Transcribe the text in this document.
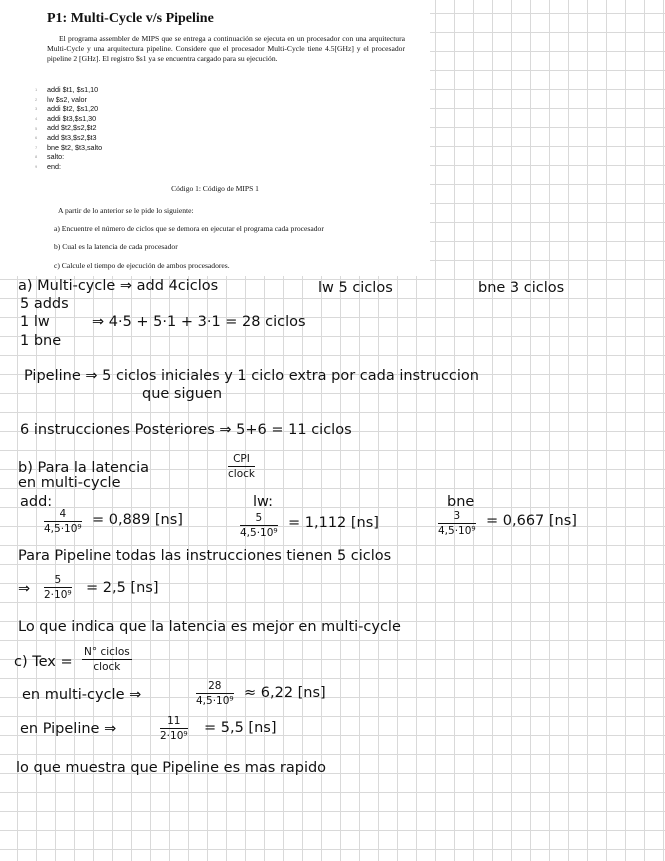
P1: Multi-Cycle v/s Pipeline
El programa assembler de MIPS que se entrega a continuación se ejecuta en un procesador con una arquitectura Multi-Cycle y una arquitectura pipeline. Considere que el procesador Multi-Cycle tiene 4.5[GHz] y el procesador pipeline 2 [GHz]. El registro $s1 ya se encuentra cargado para su ejecución.
1 addi $t1, $s1,10
2 lw $s2, valor
3 addi $t2, $s1,20
4 addi $t3,$s1,30
5 add $t2,$s2,$t2
6 add $t3,$s2,$t3
7 bne $t2, $t3,salto
8 salto:
9 end:
Código 1: Código de MIPS 1
A partir de lo anterior se le pide lo siguiente:
a) Encuentre el número de ciclos que se demora en ejecutar el programa cada procesador
b) Cual es la latencia de cada procesador
c) Calcule el tiempo de ejecución de ambos procesadores.
a) Multi-cycle ⇒ add 4ciclos	lw 5 ciclos	bne 3 ciclos
5 adds
1 lw	⇒ 4·5 + 5·1 + 3·1 = 28 ciclos
1 bne
Pipeline ⇒ 5 ciclos iniciales y 1 ciclo extra por cada instruccion
que siguen
6 instrucciones Posteriores ⇒ 5+6 = 11 ciclos
b) Para la latencia
CPI
clock
en multi-cycle
add:
$\frac{4}{\text{4,5·10⁹}} = 0,889$ [ns]
lw:
$\frac{5}{\text{4,5·10⁹}} = 1,112$ [ns]
bne
$\frac{3}{\text{4,5·10⁹}} = 0,667$ [ns]
Para Pipeline todas las instrucciones tienen 5 ciclos
⇒ $\frac{5}{\text{2·10⁹}} = 2,5$ [ns]
Lo que indica que la latencia es mejor en multi-cycle
c) Tex =
N° ciclos
clock
en multi-cycle ⇒	$\frac{28}{\text{4,5·10⁹}} \approx 6,22$ [ns]
en Pipeline ⇒	$\frac{11}{\text{2·10⁹}} = 5,5$ [ns]
lo que muestra que Pipeline es mas rapido
